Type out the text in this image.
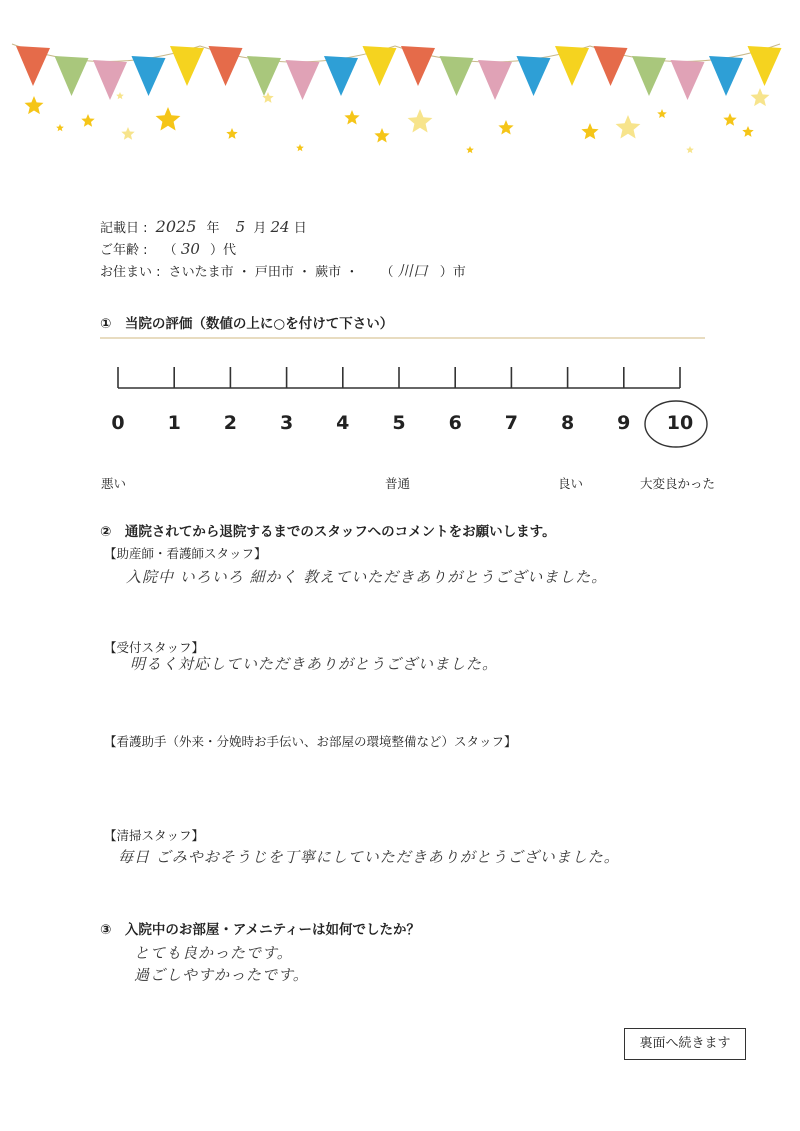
記載日 : 2025 年 5 月 24 日
ご年齢 : （ 30 ）代
お住まい : さいたま市 ・ 戸田市 ・ 蕨市 ・ （ 川口 ）市
①　当院の評価（数値の上に○を付けて下さい）
0 1 2 3 4 5 6 7 8 9 10
悪い	普通	良い	大変良かった
②　通院されてから退院するまでのスタッフへのコメントをお願いします。
【助産師・看護師スタッフ】
入院中 いろいろ 細かく 教えていただきありがとうございました。
【受付スタッフ】
明るく対応していただきありがとうございました。
【看護助手（外来・分娩時お手伝い、お部屋の環境整備など）スタッフ】
【清掃スタッフ】
毎日 ごみやおそうじを丁寧にしていただきありがとうございました。
③　入院中のお部屋・アメニティーは如何でしたか？
とても良かったです。
過ごしやすかったです。
裏面へ続きます
